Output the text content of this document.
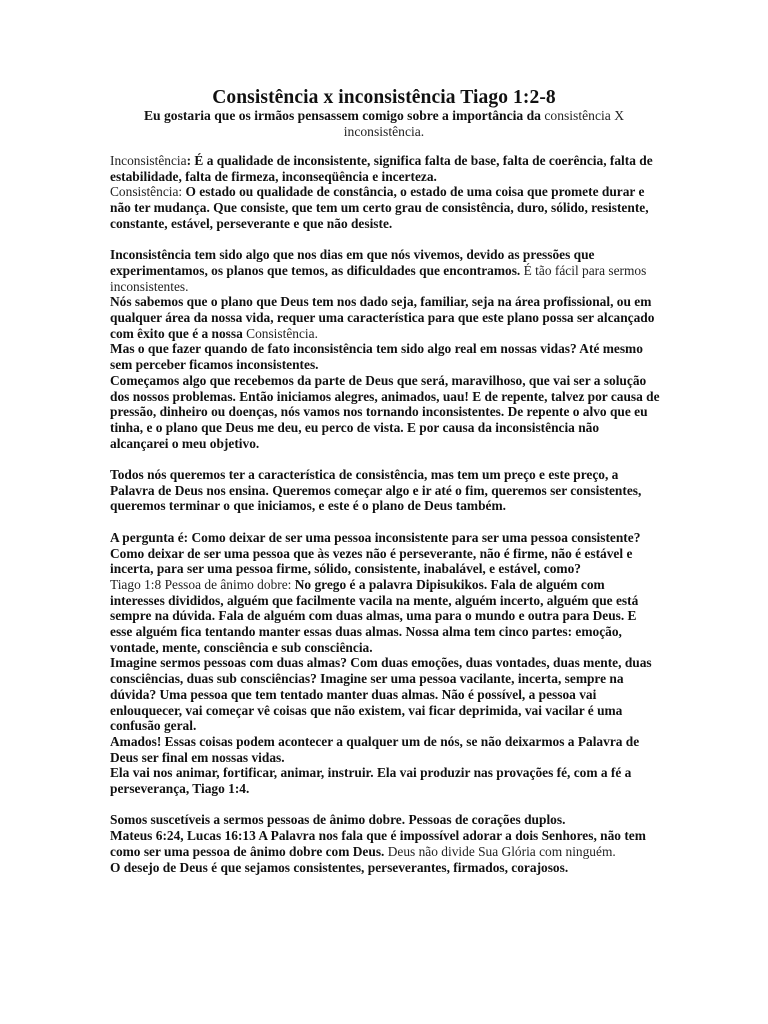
Consistência x inconsistência Tiago 1:2-8
Eu gostaria que os irmãos pensassem comigo sobre a importância da consistência X inconsistência.

Inconsistência: É a qualidade de inconsistente, significa falta de base, falta de coerência, falta de estabilidade, falta de firmeza, inconseqüência e incerteza.

Consistência: O estado ou qualidade de constância, o estado de uma coisa que promete durar e não ter mudança. Que consiste, que tem um certo grau de consistência, duro, sólido, resistente, constante, estável, perseverante e que não desiste.

Inconsistência tem sido algo que nos dias em que nós vivemos, devido as pressões que experimentamos, os planos que temos, as dificuldades que encontramos. É tão fácil para sermos inconsistentes.

Nós sabemos que o plano que Deus tem nos dado seja, familiar, seja na área profissional, ou em qualquer área da nossa vida, requer uma característica para que este plano possa ser alcançado com êxito que é a nossa Consistência.

Mas o que fazer quando de fato inconsistência tem sido algo real em nossas vidas? Até mesmo sem perceber ficamos inconsistentes.

Começamos algo que recebemos da parte de Deus que será, maravilhoso, que vai ser a solução dos nossos problemas. Então iniciamos alegres, animados, uau! E de repente, talvez por causa de pressão, dinheiro ou doenças, nós vamos nos tornando inconsistentes. De repente o alvo que eu tinha, e o plano que Deus me deu, eu perco de vista. E por causa da inconsistência não alcançarei o meu objetivo.

Todos nós queremos ter a característica de consistência, mas tem um preço e este preço, a Palavra de Deus nos ensina. Queremos começar algo e ir até o fim, queremos ser consistentes, queremos terminar o que iniciamos, e este é o plano de Deus também.

A pergunta é: Como deixar de ser uma pessoa inconsistente para ser uma pessoa consistente? Como deixar de ser uma pessoa que às vezes não é perseverante, não é firme, não é estável e incerta, para ser uma pessoa firme, sólido, consistente, inabalável, e estável, como?

Tiago 1:8 Pessoa de ânimo dobre: No grego é a palavra Dipisukikos. Fala de alguém com interesses divididos, alguém que facilmente vacila na mente, alguém incerto, alguém que está sempre na dúvida. Fala de alguém com duas almas, uma para o mundo e outra para Deus. E esse alguém fica tentando manter essas duas almas. Nossa alma tem cinco partes: emoção, vontade, mente, consciência e sub consciência.

Imagine sermos pessoas com duas almas? Com duas emoções, duas vontades, duas mente, duas consciências, duas sub consciências? Imagine ser uma pessoa vacilante, incerta, sempre na dúvida? Uma pessoa que tem tentado manter duas almas. Não é possível, a pessoa vai enlouquecer, vai começar vê coisas que não existem, vai ficar deprimida, vai vacilar é uma confusão geral.

Amados! Essas coisas podem acontecer a qualquer um de nós, se não deixarmos a Palavra de Deus ser final em nossas vidas.

Ela vai nos animar, fortificar, animar, instruir. Ela vai produzir nas provações fé, com a fé a perseverança, Tiago 1:4.

Somos suscetíveis a sermos pessoas de ânimo dobre. Pessoas de corações duplos.

Mateus 6:24, Lucas 16:13 A Palavra nos fala que é impossível adorar a dois Senhores, não tem como ser uma pessoa de ânimo dobre com Deus. Deus não divide Sua Glória com ninguém.

O desejo de Deus é que sejamos consistentes, perseverantes, firmados, corajosos.
